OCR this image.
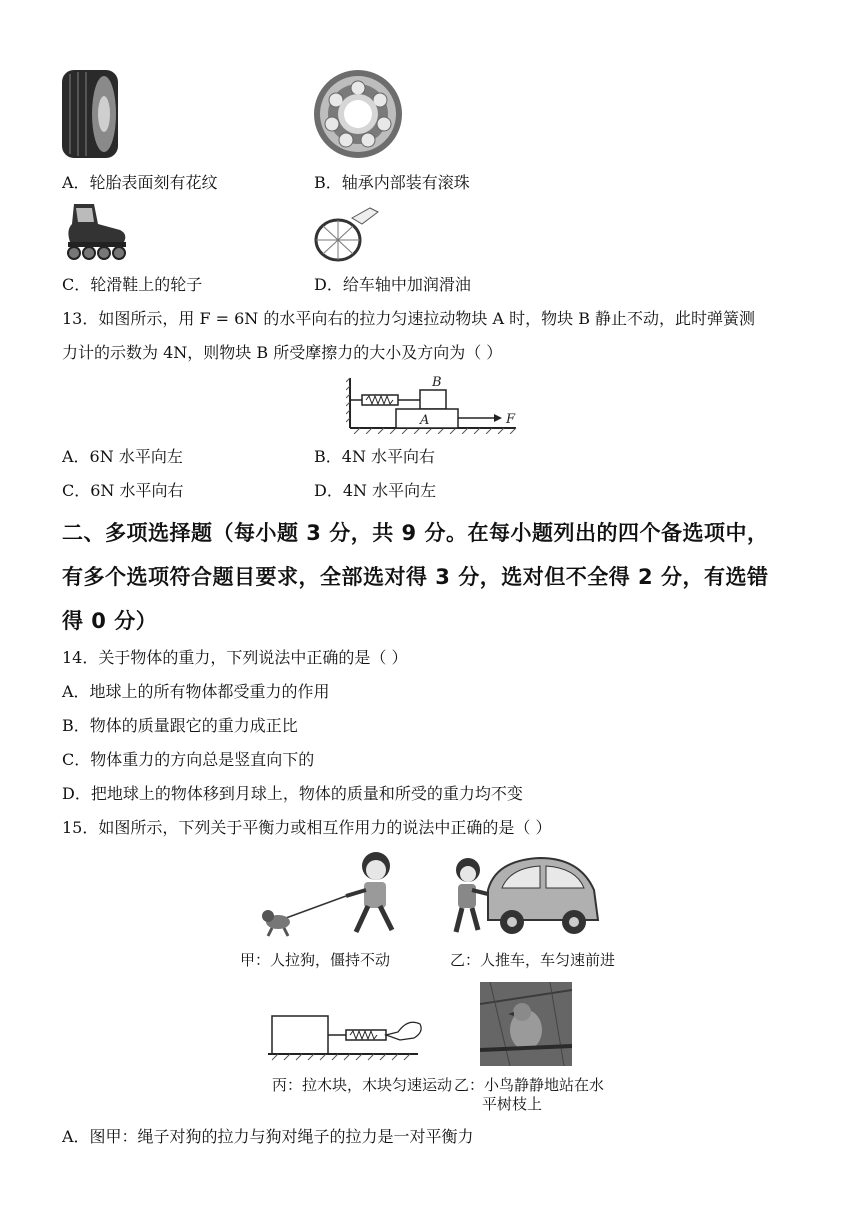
A．轮胎表面刻有花纹	B．轴承内部装有滚珠
C．轮滑鞋上的轮子	D．给车轴中加润滑油
13．如图所示，用 F = 6N 的水平向右的拉力匀速拉动物块 A 时，物块 B 静止不动，此时弹簧测
力计的示数为 4N，则物块 B 所受摩擦力的大小及方向为（ ）
B
A	F
A．6N 水平向左	B．4N 水平向右
C．6N 水平向右	D．4N 水平向左
二、多项选择题（每小题 3 分，共 9 分。在每小题列出的四个备选项中，
有多个选项符合题目要求，全部选对得 3 分，选对但不全得 2 分，有选错
得 0 分）
14．关于物体的重力，下列说法中正确的是（ ）
A．地球上的所有物体都受重力的作用
B．物体的质量跟它的重力成正比
C．物体重力的方向总是竖直向下的
D．把地球上的物体移到月球上，物体的质量和所受的重力均不变
15．如图所示，下列关于平衡力或相互作用力的说法中正确的是（ ）
甲：人拉狗，僵持不动	乙：人推车，车匀速前进
丙：拉木块，木块匀速运动 乙：小鸟静静地站在水
平树枝上
A．图甲：绳子对狗的拉力与狗对绳子的拉力是一对平衡力
